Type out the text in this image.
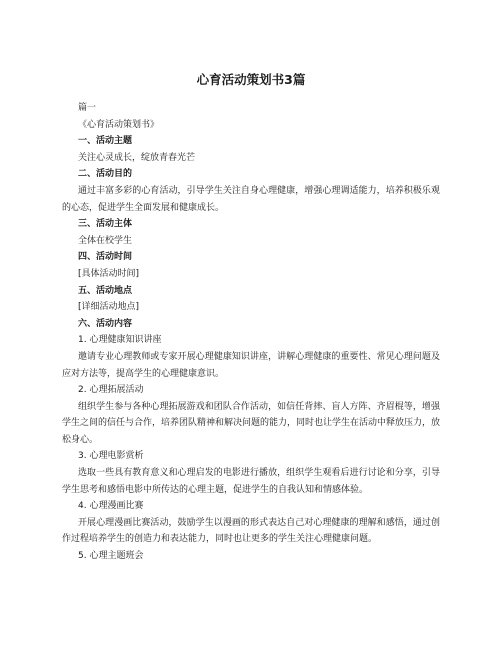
心育活动策划书3篇

篇一

《心育活动策划书》

一、活动主题

关注心灵成长，绽放青春光芒

二、活动目的

通过丰富多彩的心育活动，引导学生关注自身心理健康，增强心理调适能力，培养积极乐观的心态，促进学生全面发展和健康成长。

三、活动主体

全体在校学生

四、活动时间

[具体活动时间]

五、活动地点

[详细活动地点]

六、活动内容

1. 心理健康知识讲座

邀请专业心理教师或专家开展心理健康知识讲座，讲解心理健康的重要性、常见心理问题及应对方法等，提高学生的心理健康意识。

2. 心理拓展活动

组织学生参与各种心理拓展游戏和团队合作活动，如信任背摔、盲人方阵、齐眉棍等，增强学生之间的信任与合作，培养团队精神和解决问题的能力，同时也让学生在活动中释放压力，放松身心。

3. 心理电影赏析

选取一些具有教育意义和心理启发的电影进行播放，组织学生观看后进行讨论和分享，引导学生思考和感悟电影中所传达的心理主题，促进学生的自我认知和情感体验。

4. 心理漫画比赛

开展心理漫画比赛活动，鼓励学生以漫画的形式表达自己对心理健康的理解和感悟，通过创作过程培养学生的创造力和表达能力，同时也让更多的学生关注心理健康问题。

5. 心理主题班会
